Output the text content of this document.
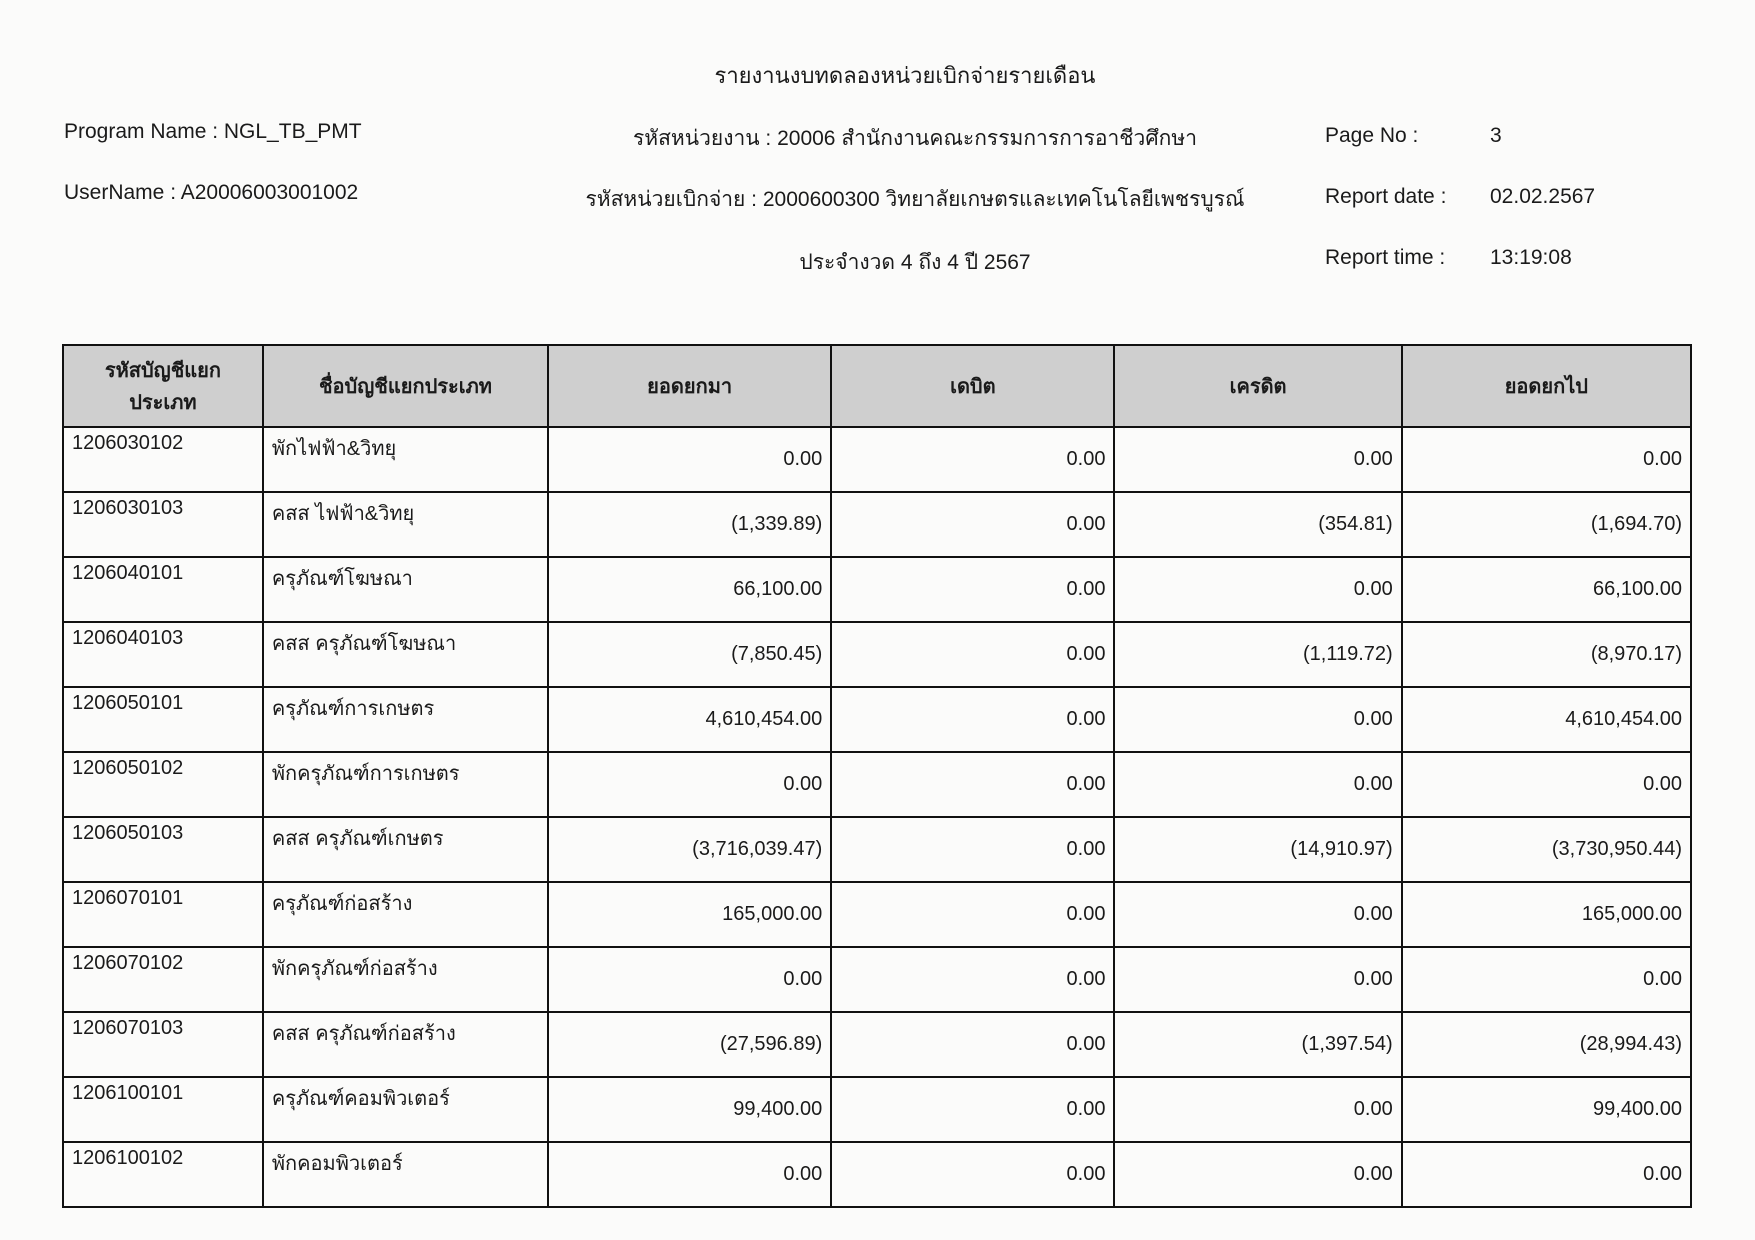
รายงานงบทดลองหน่วยเบิกจ่ายรายเดือน
Program Name : NGL_TB_PMT
UserName : A20006003001002
รหัสหน่วยงาน : 20006 สำนักงานคณะกรรมการการอาชีวศึกษา
รหัสหน่วยเบิกจ่าย : 2000600300 วิทยาลัยเกษตรและเทคโนโลยีเพชรบูรณ์
ประจำงวด 4 ถึง 4 ปี 2567
Page No :	3
Report date : 02.02.2567
Report time : 13:19:08
รหัสบัญชีแยกประเภท	ชื่อบัญชีแยกประเภท	ยอดยกมา	เดบิต	เครดิต	ยอดยกไป
1206030102	พักไฟฟ้า&วิทยุ	0.00	0.00	0.00	0.00
1206030103	คสส ไฟฟ้า&วิทยุ	(1,339.89)	0.00	(354.81)	(1,694.70)
1206040101	ครุภัณฑ์โฆษณา	66,100.00	0.00	0.00	66,100.00
1206040103	คสส ครุภัณฑ์โฆษณา	(7,850.45)	0.00	(1,119.72)	(8,970.17)
1206050101	ครุภัณฑ์การเกษตร	4,610,454.00	0.00	0.00	4,610,454.00
1206050102	พักครุภัณฑ์การเกษตร	0.00	0.00	0.00	0.00
1206050103	คสส ครุภัณฑ์เกษตร	(3,716,039.47)	0.00	(14,910.97)	(3,730,950.44)
1206070101	ครุภัณฑ์ก่อสร้าง	165,000.00	0.00	0.00	165,000.00
1206070102	พักครุภัณฑ์ก่อสร้าง	0.00	0.00	0.00	0.00
1206070103	คสส ครุภัณฑ์ก่อสร้าง	(27,596.89)	0.00	(1,397.54)	(28,994.43)
1206100101	ครุภัณฑ์คอมพิวเตอร์	99,400.00	0.00	0.00	99,400.00
1206100102	พักคอมพิวเตอร์	0.00	0.00	0.00	0.00
